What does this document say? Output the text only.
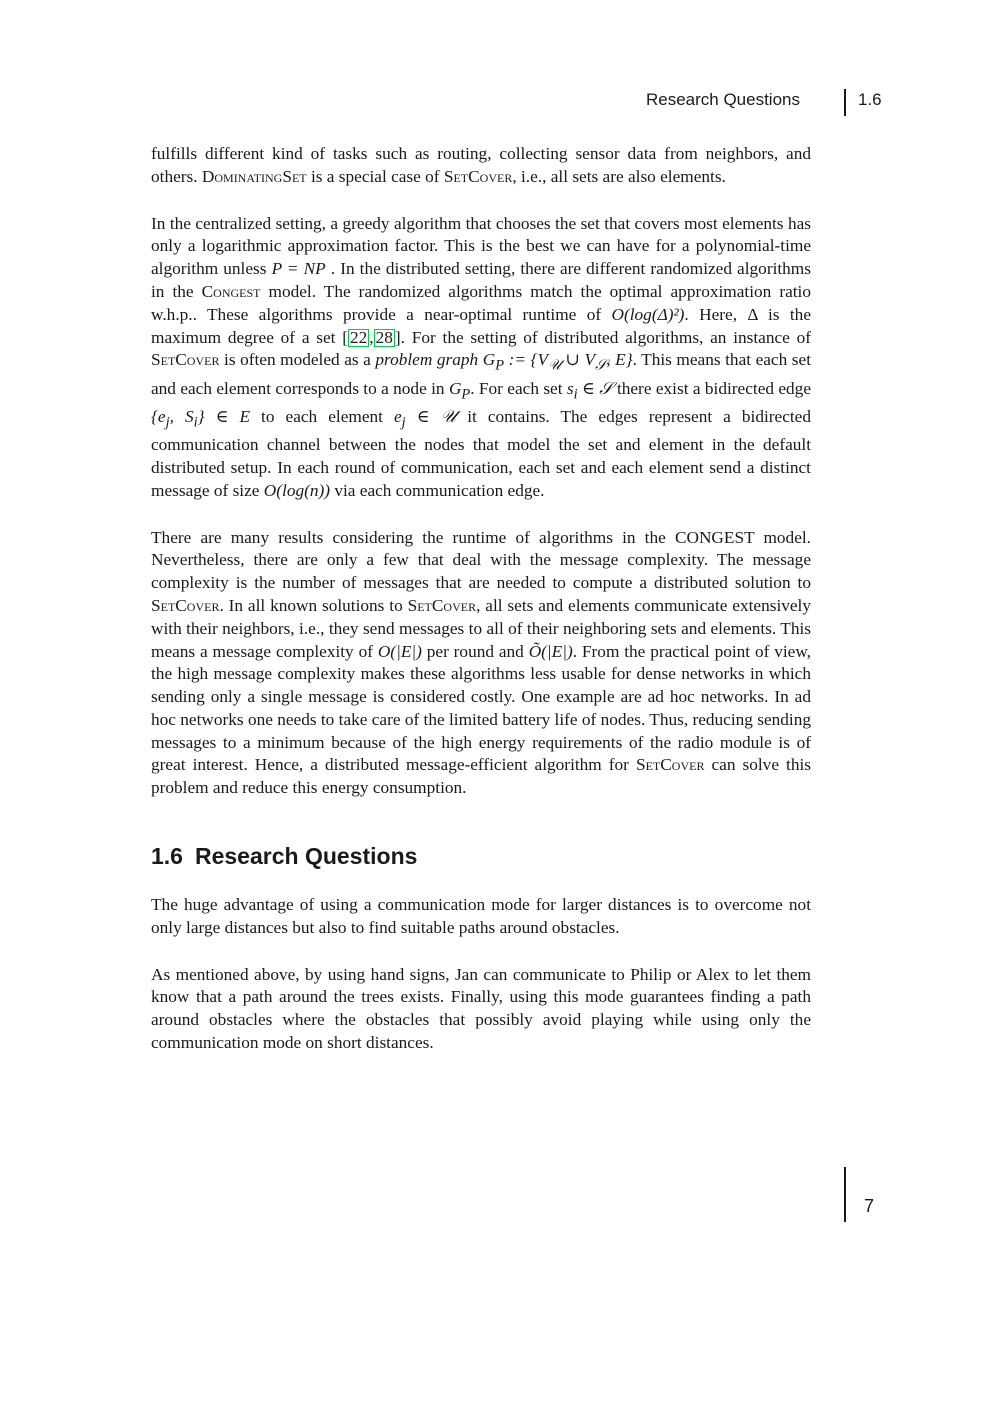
Research Questions	1.6

fulfills different kind of tasks such as routing, collecting sensor data from neighbors, and others. DominatingSet is a special case of SetCover, i.e., all sets are also elements.

In the centralized setting, a greedy algorithm that chooses the set that covers most elements has only a logarithmic approximation factor. This is the best we can have for a polynomial-time algorithm unless P = NP . In the distributed setting, there are different randomized algorithms in the Congest model. The randomized algorithms match the optimal approximation ratio w.h.p.. These algorithms provide a near-optimal runtime of O(log(Δ)²). Here, Δ is the maximum degree of a set [ 22 , 28 ]. For the setting of distributed algorithms, an instance of SetCover is often modeled as a problem graph $G_P$ := {$V_𝒰$ ∪ $V_𝒮$, E}. This means that each set and each element corresponds to a node in $G_P$. For each set $s_i$ ∈ 𝒮 there exist a bidirected edge {$e_j$, $S_i$} ∈ E to each element $e_j$ ∈ 𝒰 it contains. The edges represent a bidirected communication channel between the nodes that model the set and element in the default distributed setup. In each round of communication, each set and each element send a distinct message of size O(log(n)) via each communication edge.

There are many results considering the runtime of algorithms in the CONGEST model. Nevertheless, there are only a few that deal with the message complexity. The message complexity is the number of messages that are needed to compute a distributed solution to SetCover. In all known solutions to SetCover, all sets and elements communicate extensively with their neighbors, i.e., they send messages to all of their neighboring sets and elements. This means a message complexity of O(|E|) per round and Õ(|E|). From the practical point of view, the high message complexity makes these algorithms less usable for dense networks in which sending only a single message is considered costly. One example are ad hoc networks. In ad hoc networks one needs to take care of the limited battery life of nodes. Thus, reducing sending messages to a minimum because of the high energy requirements of the radio module is of great interest. Hence, a distributed message-efficient algorithm for SetCover can solve this problem and reduce this energy consumption.

1.6 Research Questions

The huge advantage of using a communication mode for larger distances is to overcome not only large distances but also to find suitable paths around obstacles.

As mentioned above, by using hand signs, Jan can communicate to Philip or Alex to let them know that a path around the trees exists. Finally, using this mode guarantees finding a path around obstacles where the obstacles that possibly avoid playing while using only the communication mode on short distances.

7
